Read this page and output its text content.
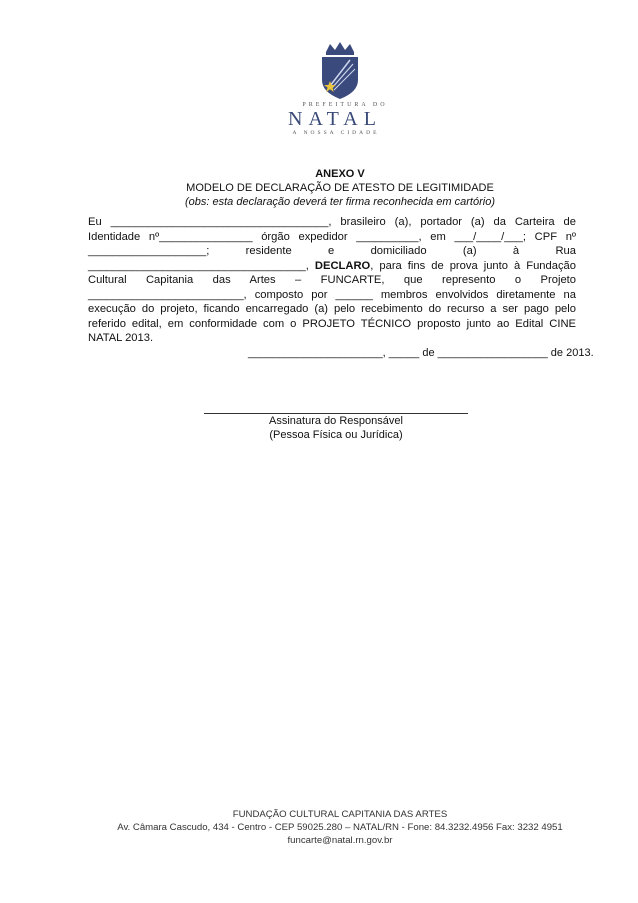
PREFEITURA DO
NATAL
A NOSSA CIDADE
ANEXO V
MODELO DE DECLARAÇÃO DE ATESTO DE LEGITIMIDADE
(obs: esta declaração deverá ter firma reconhecida em cartório)
Eu ___________________________________, brasileiro (a), portador (a) da Carteira de Identidade nº_______________ órgão expedidor __________, em ___/____/___; CPF nº ___________________; residente e domiciliado (a) à Rua ___________________________________, DECLARO, para fins de prova junto à Fundação Cultural Capitania das Artes – FUNCARTE, que represento o Projeto _________________________, composto por ______ membros envolvidos diretamente na execução do projeto, ficando encarregado (a) pelo recebimento do recurso a ser pago pelo referido edital, em conformidade com o PROJETO TÉCNICO proposto junto ao Edital CINE NATAL 2013.
______________________, _____ de __________________ de 2013.
Assinatura do Responsável
(Pessoa Física ou Jurídica)
FUNDAÇÃO CULTURAL CAPITANIA DAS ARTES
Av. Câmara Cascudo, 434 - Centro - CEP 59025.280 – NATAL/RN - Fone: 84.3232.4956 Fax: 3232 4951
funcarte@natal.rn.gov.br
